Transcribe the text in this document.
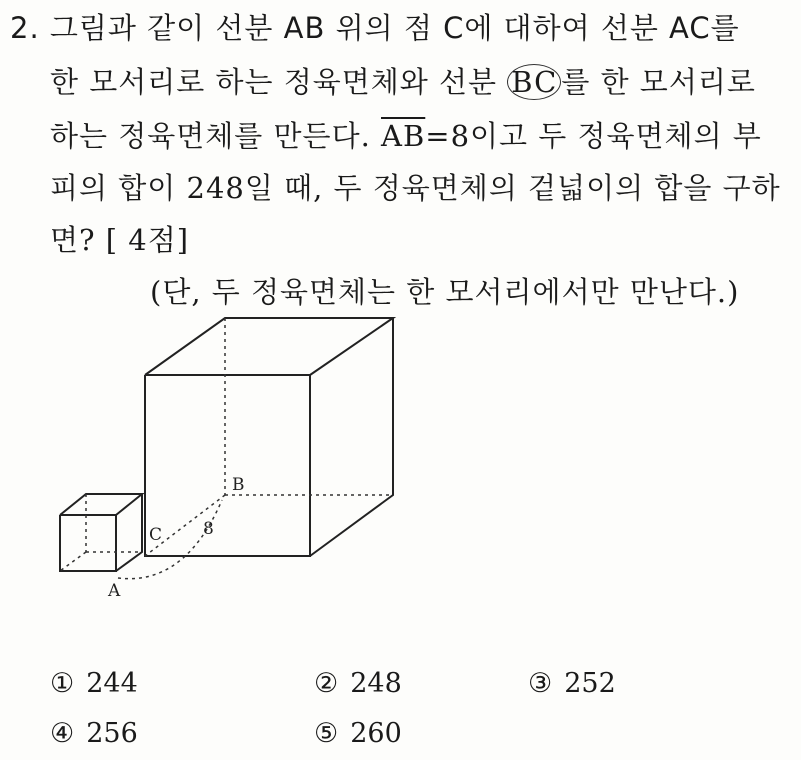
2. 그림과 같이 선분 AB 위의 점 C에 대하여 선분 AC를
한 모서리로 하는 정육면체와 선분 BC 를 한 모서리로
하는 정육면체를 만든다. $\overline{AB}=8$이고 두 정육면체의 부
피의 합이 248일 때, 두 정육면체의 겉넓이의 합을 구하
면? [ 4점]
(단, 두 정육면체는 한 모서리에서만 만난다.)
A
B
C 8
① 244	② 248	③ 252
④ 256	⑤ 260
